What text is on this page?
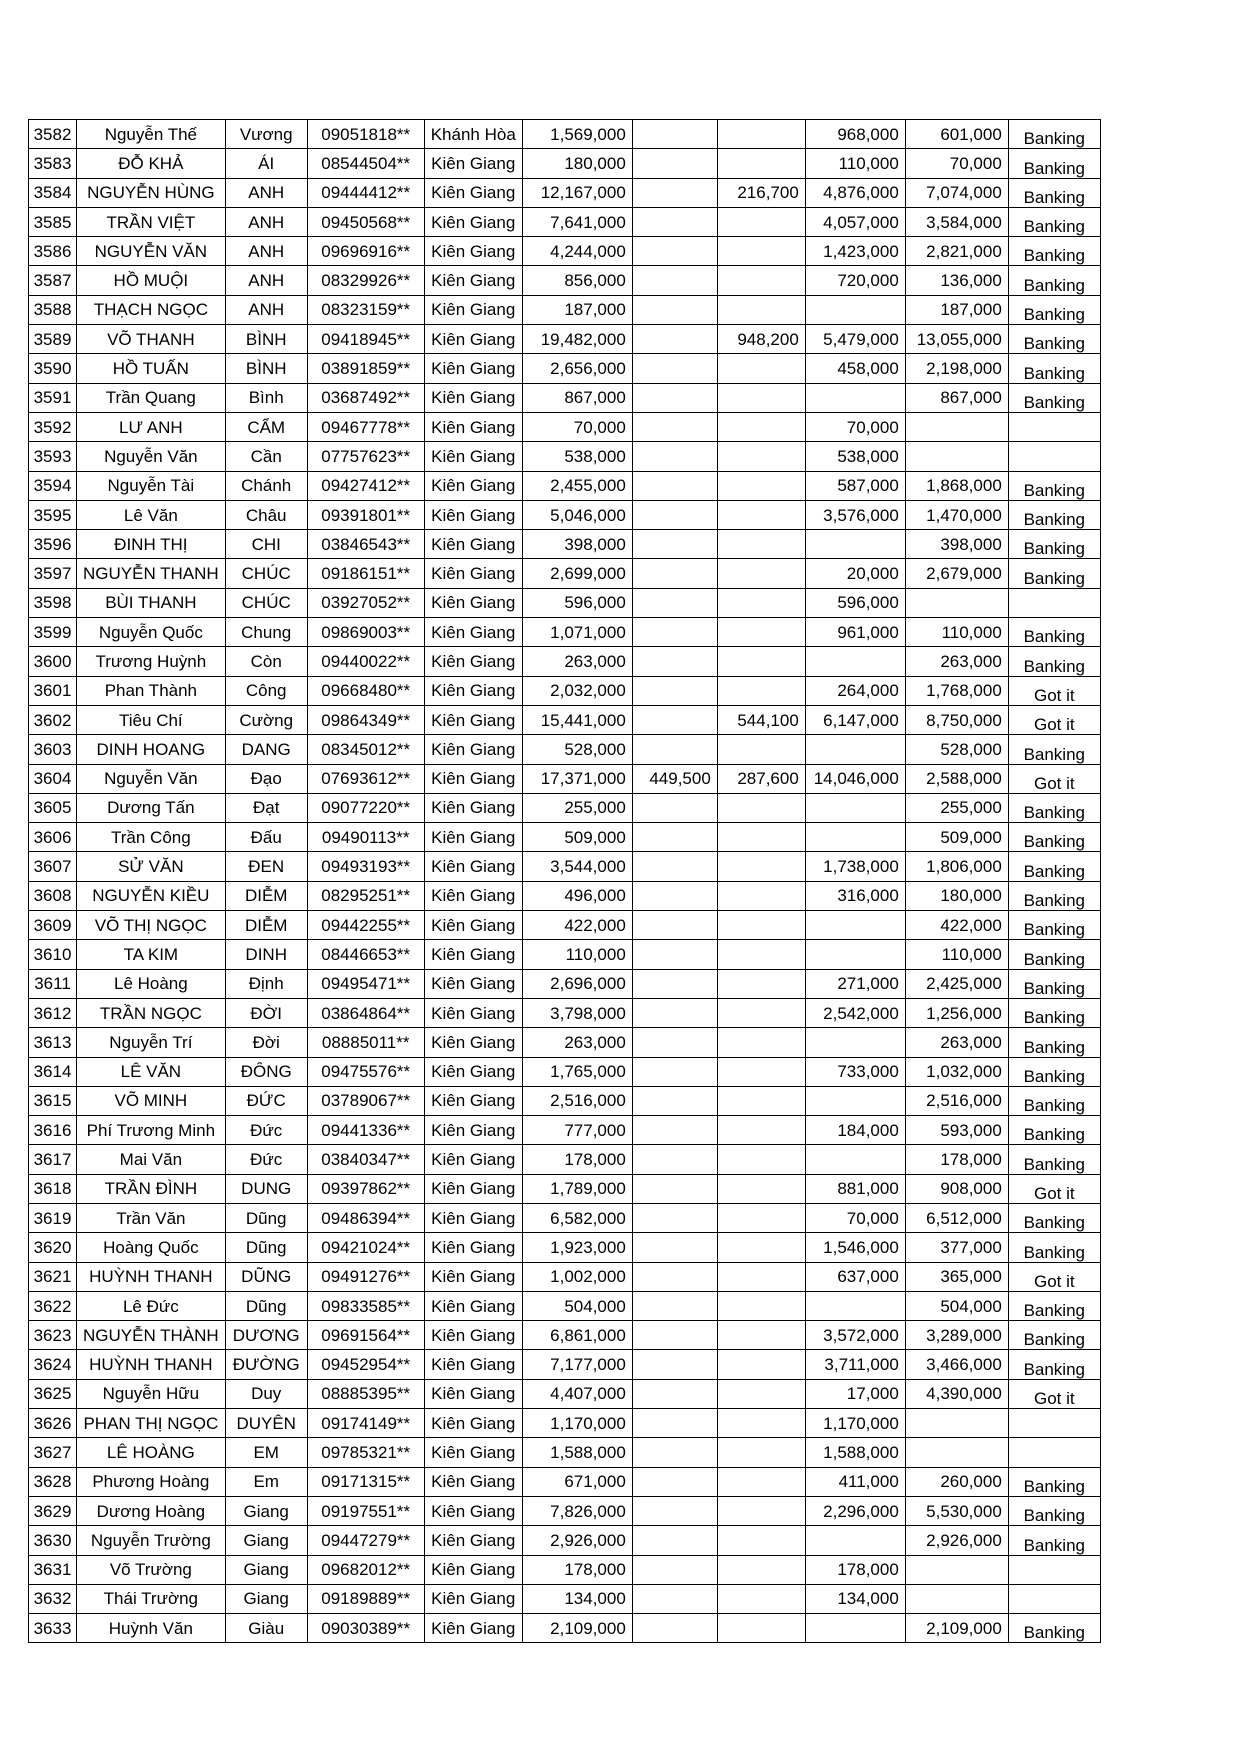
3582	Nguyễn Thế	Vương	09051818**	Khánh Hòa	1,569,000			968,000	601,000	Banking
3583	ĐỖ KHẢ	ÁI	08544504**	Kiên Giang	180,000			110,000	70,000	Banking
3584	NGUYỄN HÙNG	ANH	09444412**	Kiên Giang	12,167,000		216,700	4,876,000	7,074,000	Banking
3585	TRẦN VIỆT	ANH	09450568**	Kiên Giang	7,641,000			4,057,000	3,584,000	Banking
3586	NGUYỄN VĂN	ANH	09696916**	Kiên Giang	4,244,000			1,423,000	2,821,000	Banking
3587	HỒ MUỘI	ANH	08329926**	Kiên Giang	856,000			720,000	136,000	Banking
3588	THẠCH NGỌC	ANH	08323159**	Kiên Giang	187,000				187,000	Banking
3589	VÕ THANH	BÌNH	09418945**	Kiên Giang	19,482,000		948,200	5,479,000	13,055,000	Banking
3590	HỒ TUẤN	BÌNH	03891859**	Kiên Giang	2,656,000			458,000	2,198,000	Banking
3591	Trần Quang	Bình	03687492**	Kiên Giang	867,000				867,000	Banking
3592	LƯ ANH	CẨM	09467778**	Kiên Giang	70,000			70,000		
3593	Nguyễn Văn	Cần	07757623**	Kiên Giang	538,000			538,000		
3594	Nguyễn Tài	Chánh	09427412**	Kiên Giang	2,455,000			587,000	1,868,000	Banking
3595	Lê Văn	Châu	09391801**	Kiên Giang	5,046,000			3,576,000	1,470,000	Banking
3596	ĐINH THỊ	CHI	03846543**	Kiên Giang	398,000				398,000	Banking
3597	NGUYỄN THANH	CHÚC	09186151**	Kiên Giang	2,699,000			20,000	2,679,000	Banking
3598	BÙI THANH	CHÚC	03927052**	Kiên Giang	596,000			596,000		
3599	Nguyễn Quốc	Chung	09869003**	Kiên Giang	1,071,000			961,000	110,000	Banking
3600	Trương Huỳnh	Còn	09440022**	Kiên Giang	263,000				263,000	Banking
3601	Phan Thành	Công	09668480**	Kiên Giang	2,032,000			264,000	1,768,000	Got it
3602	Tiêu Chí	Cường	09864349**	Kiên Giang	15,441,000		544,100	6,147,000	8,750,000	Got it
3603	DINH HOANG	DANG	08345012**	Kiên Giang	528,000				528,000	Banking
3604	Nguyễn Văn	Đạo	07693612**	Kiên Giang	17,371,000	449,500	287,600	14,046,000	2,588,000	Got it
3605	Dương Tấn	Đạt	09077220**	Kiên Giang	255,000				255,000	Banking
3606	Trần Công	Đấu	09490113**	Kiên Giang	509,000				509,000	Banking
3607	SỬ VĂN	ĐEN	09493193**	Kiên Giang	3,544,000			1,738,000	1,806,000	Banking
3608	NGUYỄN KIỀU	DIỄM	08295251**	Kiên Giang	496,000			316,000	180,000	Banking
3609	VÕ THỊ NGỌC	DIỄM	09442255**	Kiên Giang	422,000				422,000	Banking
3610	TA KIM	DINH	08446653**	Kiên Giang	110,000				110,000	Banking
3611	Lê Hoàng	Định	09495471**	Kiên Giang	2,696,000			271,000	2,425,000	Banking
3612	TRẦN NGỌC	ĐỜI	03864864**	Kiên Giang	3,798,000			2,542,000	1,256,000	Banking
3613	Nguyễn Trí	Đời	08885011**	Kiên Giang	263,000				263,000	Banking
3614	LÊ VĂN	ĐÔNG	09475576**	Kiên Giang	1,765,000			733,000	1,032,000	Banking
3615	VÕ MINH	ĐỨC	03789067**	Kiên Giang	2,516,000				2,516,000	Banking
3616	Phí Trương Minh	Đức	09441336**	Kiên Giang	777,000			184,000	593,000	Banking
3617	Mai Văn	Đức	03840347**	Kiên Giang	178,000				178,000	Banking
3618	TRẦN ĐÌNH	DUNG	09397862**	Kiên Giang	1,789,000			881,000	908,000	Got it
3619	Trần Văn	Dũng	09486394**	Kiên Giang	6,582,000			70,000	6,512,000	Banking
3620	Hoàng Quốc	Dũng	09421024**	Kiên Giang	1,923,000			1,546,000	377,000	Banking
3621	HUỲNH THANH	DŨNG	09491276**	Kiên Giang	1,002,000			637,000	365,000	Got it
3622	Lê Đức	Dũng	09833585**	Kiên Giang	504,000				504,000	Banking
3623	NGUYỄN THÀNH	DƯƠNG	09691564**	Kiên Giang	6,861,000			3,572,000	3,289,000	Banking
3624	HUỲNH THANH	ĐƯỜNG	09452954**	Kiên Giang	7,177,000			3,711,000	3,466,000	Banking
3625	Nguyễn Hữu	Duy	08885395**	Kiên Giang	4,407,000			17,000	4,390,000	Got it
3626	PHAN THỊ NGỌC	DUYÊN	09174149**	Kiên Giang	1,170,000			1,170,000		
3627	LÊ HOÀNG	EM	09785321**	Kiên Giang	1,588,000			1,588,000		
3628	Phương Hoàng	Em	09171315**	Kiên Giang	671,000			411,000	260,000	Banking
3629	Dương Hoàng	Giang	09197551**	Kiên Giang	7,826,000			2,296,000	5,530,000	Banking
3630	Nguyễn Trường	Giang	09447279**	Kiên Giang	2,926,000				2,926,000	Banking
3631	Võ Trường	Giang	09682012**	Kiên Giang	178,000			178,000		
3632	Thái Trường	Giang	09189889**	Kiên Giang	134,000			134,000		
3633	Huỳnh Văn	Giàu	09030389**	Kiên Giang	2,109,000				2,109,000	Banking
